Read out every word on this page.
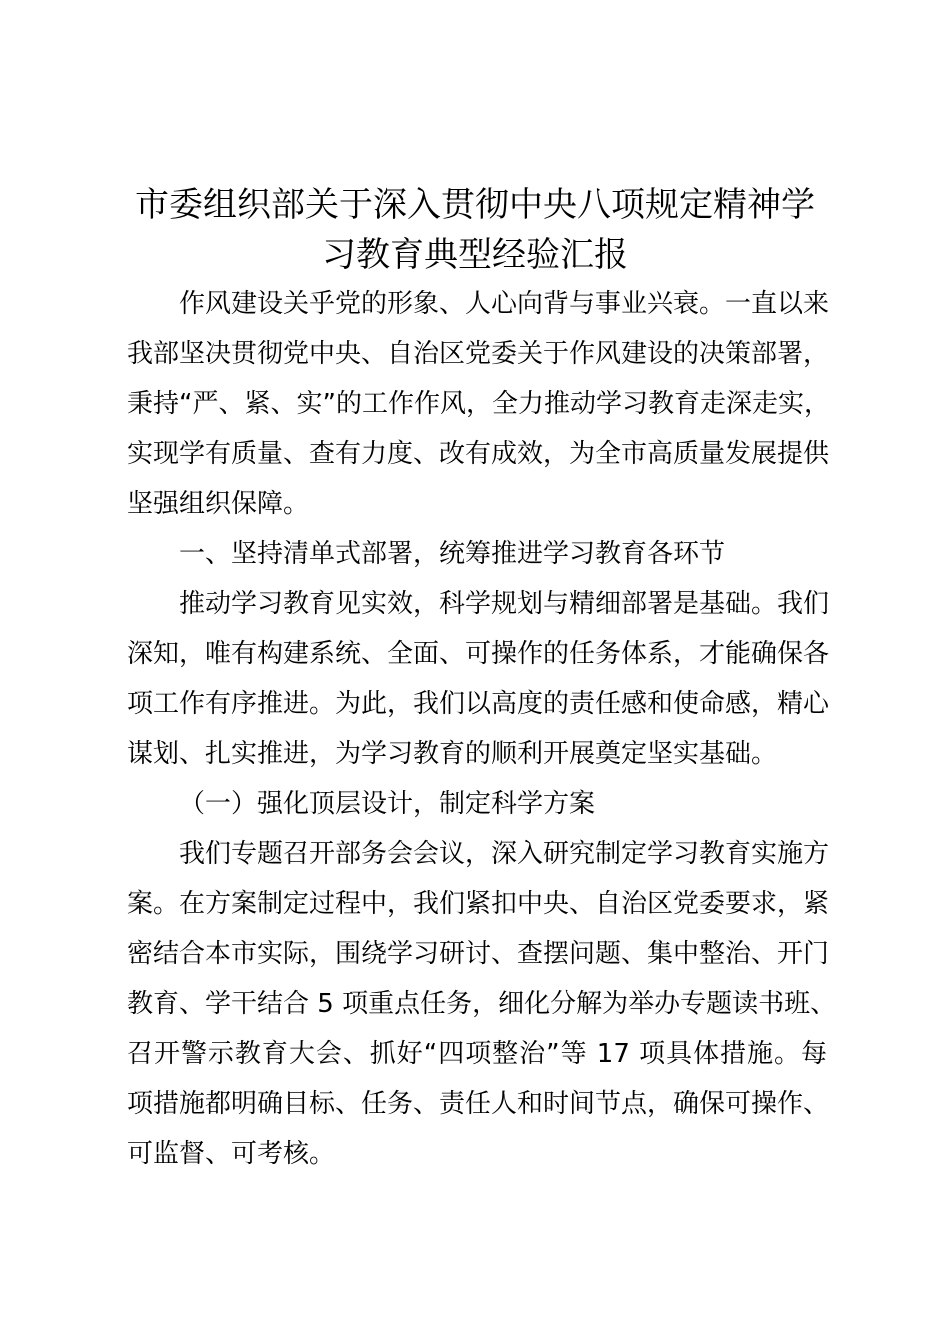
市委组织部关于深入贯彻中央八项规定精神学
习教育典型经验汇报
作风建设关乎党的形象、人心向背与事业兴衰。一直以来
我部坚决贯彻党中央、自治区党委关于作风建设的决策部署，
秉持“严、紧、实”的工作作风，全力推动学习教育走深走实，
实现学有质量、查有力度、改有成效，为全市高质量发展提供
坚强组织保障。
一、坚持清单式部署，统筹推进学习教育各环节
推动学习教育见实效，科学规划与精细部署是基础。我们
深知，唯有构建系统、全面、可操作的任务体系，才能确保各
项工作有序推进。为此，我们以高度的责任感和使命感，精心
谋划、扎实推进，为学习教育的顺利开展奠定坚实基础。
（一）强化顶层设计，制定科学方案
我们专题召开部务会会议，深入研究制定学习教育实施方
案。在方案制定过程中，我们紧扣中央、自治区党委要求，紧
密结合本市实际，围绕学习研讨、查摆问题、集中整治、开门
教育、学干结合 5 项重点任务，细化分解为举办专题读书班、
召开警示教育大会、抓好“四项整治”等 17 项具体措施。每
项措施都明确目标、任务、责任人和时间节点，确保可操作、
可监督、可考核。
